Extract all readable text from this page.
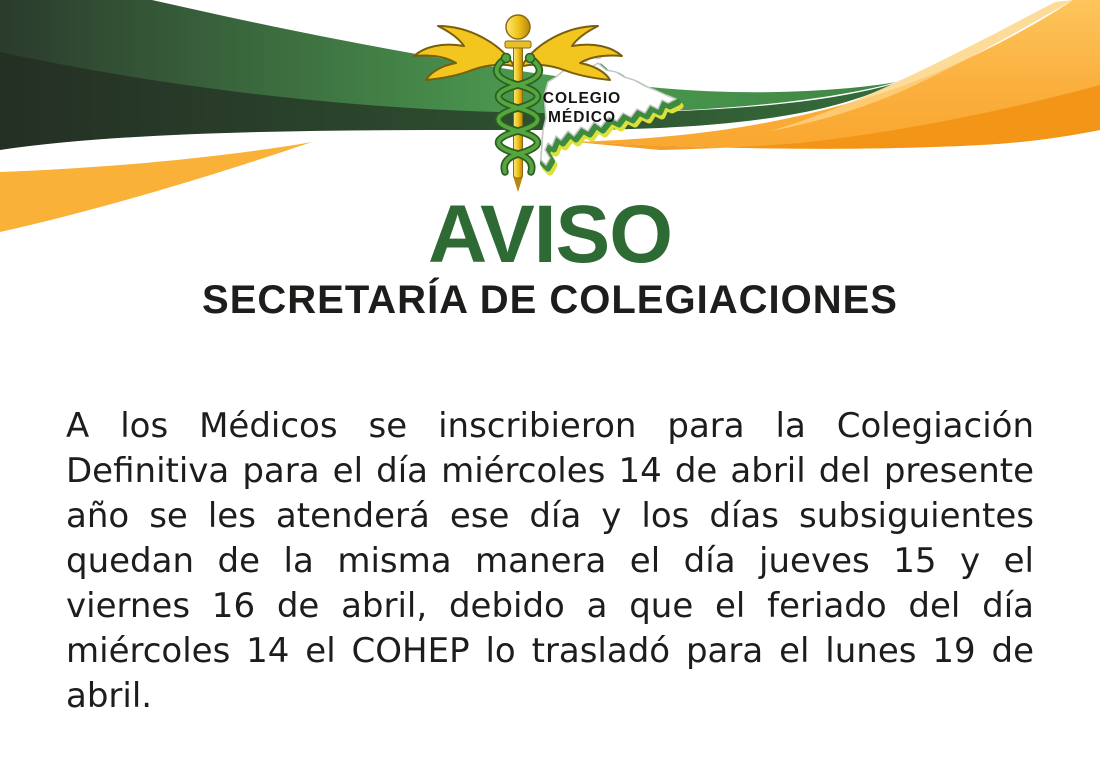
COLEGIO
MÉDICO
AVISO
SECRETARÍA DE COLEGIACIONES

A los Médicos se inscribieron para la Colegiación Definitiva para el día miércoles 14 de abril del presente año se les atenderá ese día y los días subsiguientes quedan de la misma manera el día jueves 15 y el viernes 16 de abril, debido a que el feriado del día miércoles 14 el COHEP lo trasladó para el lunes 19 de abril.
